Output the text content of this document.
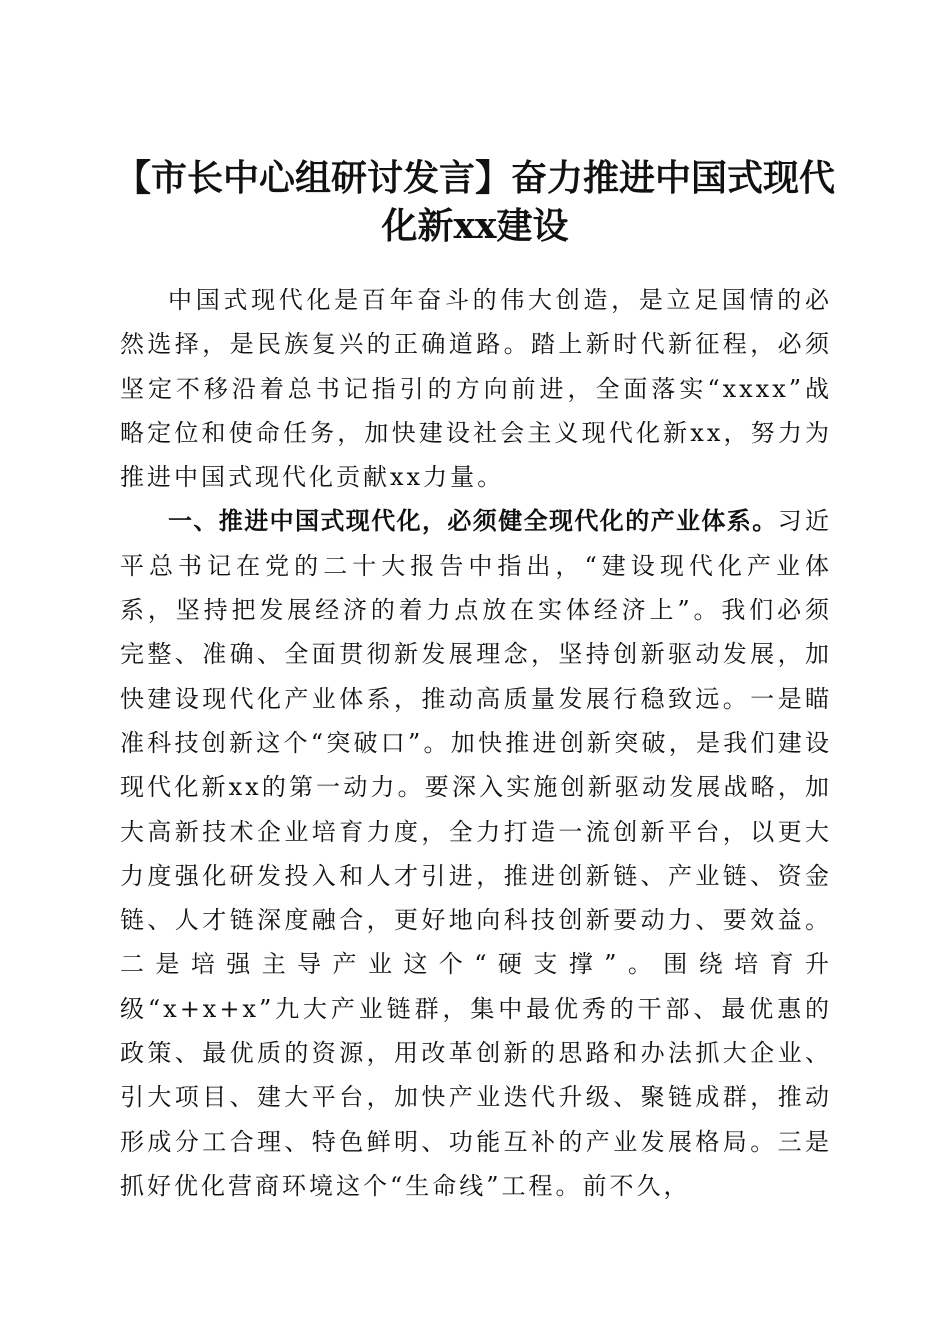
【市长中心组研讨发言】奋力推进中国式现代
化新xx建设

中国式现代化是百年奋斗的伟大创造，是立足国情的必然选择，是民族复兴的正确道路。踏上新时代新征程，必须坚定不移沿着总书记指引的方向前进，全面落实“xxxx”战略定位和使命任务，加快建设社会主义现代化新xx，努力为推进中国式现代化贡献xx力量。

一、推进中国式现代化，必须健全现代化的产业体系。习近平总书记在党的二十大报告中指出，“建设现代化产业体系，坚持把发展经济的着力点放在实体经济上”。我们必须完整、准确、全面贯彻新发展理念，坚持创新驱动发展，加快建设现代化产业体系，推动高质量发展行稳致远。一是瞄准科技创新这个“突破口”。加快推进创新突破，是我们建设现代化新xx的第一动力。要深入实施创新驱动发展战略，加大高新技术企业培育力度，全力打造一流创新平台，以更大力度强化研发投入和人才引进，推进创新链、产业链、资金链、人才链深度融合，更好地向科技创新要动力、要效益。二是培强主导产业这个“硬支撑”。围绕培育升级“x+x+x”九大产业链群，集中最优秀的干部、最优惠的政策、最优质的资源，用改革创新的思路和办法抓大企业、引大项目、建大平台，加快产业迭代升级、聚链成群，推动形成分工合理、特色鲜明、功能互补的产业发展格局。三是抓好优化营商环境这个“生命线”工程。前不久，
